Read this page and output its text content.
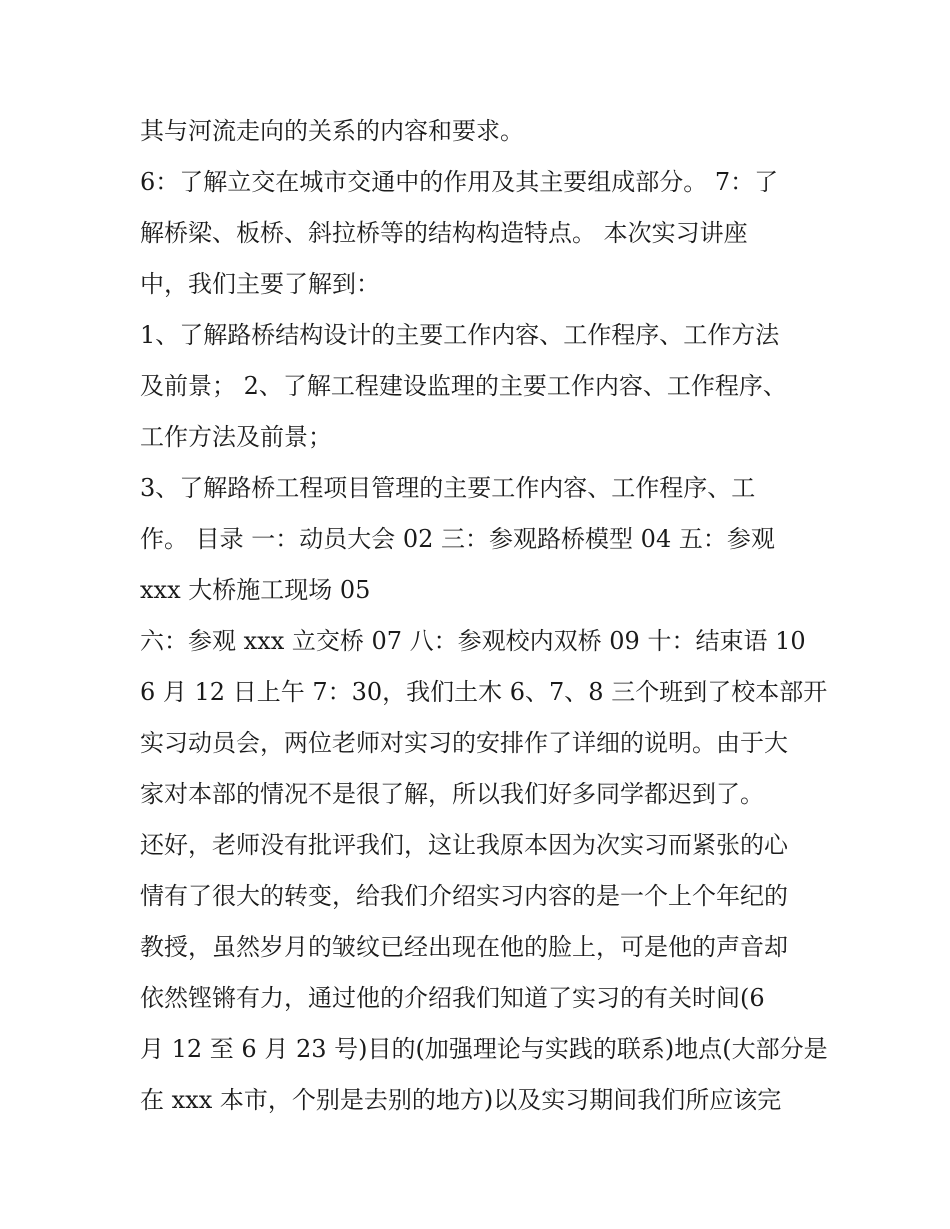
其与河流走向的关系的内容和要求。
6：了解立交在城市交通中的作用及其主要组成部分。 7：了
解桥梁、板桥、斜拉桥等的结构构造特点。 本次实习讲座
中，我们主要了解到：
1、了解路桥结构设计的主要工作内容、工作程序、工作方法
及前景； 2、了解工程建设监理的主要工作内容、工作程序、
工作方法及前景；
3、了解路桥工程项目管理的主要工作内容、工作程序、工
作。 目录 一：动员大会 02 三：参观路桥模型 04 五：参观
xxx 大桥施工现场 05
六：参观 xxx 立交桥 07 八：参观校内双桥 09 十：结束语 10
6 月 12 日上午 7：30，我们土木 6、7、8 三个班到了校本部开
实习动员会，两位老师对实习的安排作了详细的说明。由于大
家对本部的情况不是很了解，所以我们好多同学都迟到了。
还好，老师没有批评我们，这让我原本因为次实习而紧张的心
情有了很大的转变，给我们介绍实习内容的是一个上个年纪的
教授，虽然岁月的皱纹已经出现在他的脸上，可是他的声音却
依然铿锵有力，通过他的介绍我们知道了实习的有关时间(6
月 12 至 6 月 23 号)目的(加强理论与实践的联系)地点(大部分是
在 xxx 本市，个别是去别的地方)以及实习期间我们所应该完
